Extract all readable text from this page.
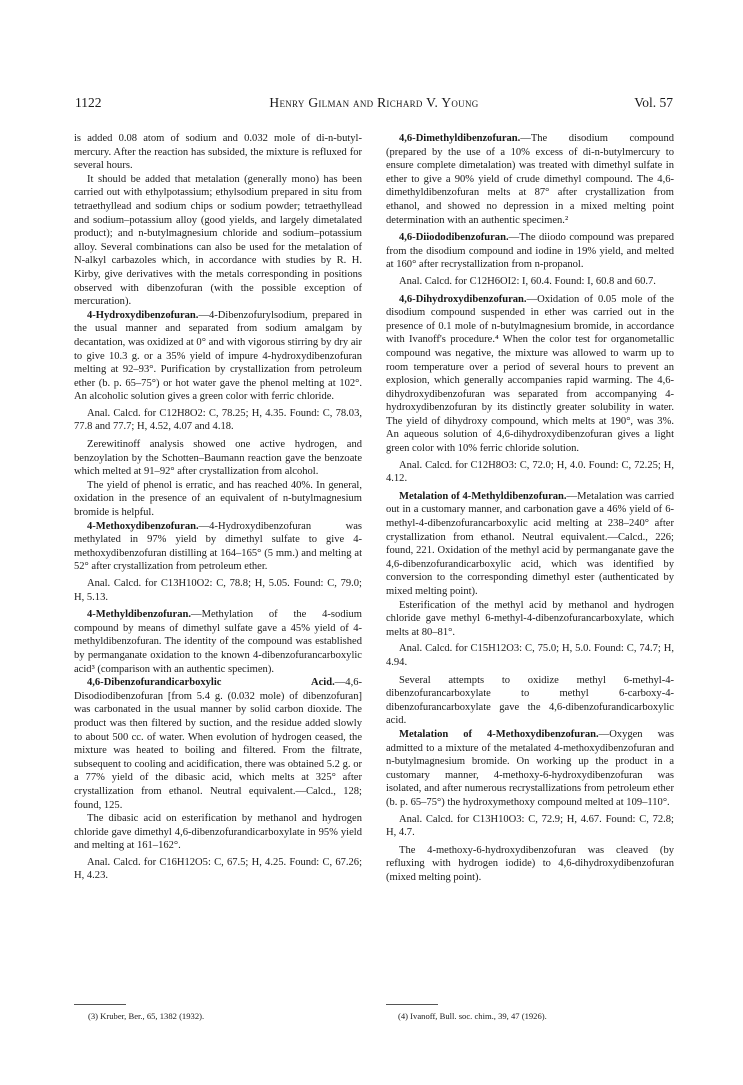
1122	Henry Gilman and Richard V. Young	Vol. 57

is added 0.08 atom of sodium and 0.032 mole of di-n-butyl-mercury. After the reaction has subsided, the mixture is refluxed for several hours.

It should be added that metalation (generally mono) has been carried out with ethylpotassium; ethylsodium prepared in situ from tetraethyllead and sodium chips or sodium powder; tetraethyllead and sodium–potassium alloy (good yields, and largely dimetalated product); and n-butylmagnesium chloride and sodium–potassium alloy. Several combinations can also be used for the metalation of N-alkyl carbazoles which, in accordance with studies by R. H. Kirby, give derivatives with the metals corresponding in positions observed with dibenzofuran (with the possible exception of mercuration).

4-Hydroxydibenzofuran.—4-Dibenzofurylsodium, prepared in the usual manner and separated from sodium amalgam by decantation, was oxidized at 0° and with vigorous stirring by dry air to give 10.3 g. or a 35% yield of impure 4-hydroxydibenzofuran melting at 92–93°. Purification by crystallization from petroleum ether (b. p. 65–75°) or hot water gave the phenol melting at 102°. An alcoholic solution gives a green color with ferric chloride.

Anal. Calcd. for C12H8O2: C, 78.25; H, 4.35. Found: C, 78.03, 77.8 and 77.7; H, 4.52, 4.07 and 4.18.

Zerewitinoff analysis showed one active hydrogen, and benzoylation by the Schotten–Baumann reaction gave the benzoate which melted at 91–92° after crystallization from alcohol.

The yield of phenol is erratic, and has reached 40%. In general, oxidation in the presence of an equivalent of n-butylmagnesium bromide is helpful.

4-Methoxydibenzofuran.—4-Hydroxydibenzofuran was methylated in 97% yield by dimethyl sulfate to give 4-methoxydibenzofuran distilling at 164–165° (5 mm.) and melting at 52° after crystallization from petroleum ether.

Anal. Calcd. for C13H10O2: C, 78.8; H, 5.05. Found: C, 79.0; H, 5.13.

4-Methyldibenzofuran.—Methylation of the 4-sodium compound by means of dimethyl sulfate gave a 45% yield of 4-methyldibenzofuran. The identity of the compound was established by permanganate oxidation to the known 4-dibenzofurancarboxylic acid³ (comparison with an authentic specimen).

4,6-Dibenzofurandicarboxylic Acid.—4,6-Disodiodibenzofuran [from 5.4 g. (0.032 mole) of dibenzofuran] was carbonated in the usual manner by solid carbon dioxide. The product was then filtered by suction, and the residue added slowly to about 500 cc. of water. When evolution of hydrogen ceased, the mixture was heated to boiling and filtered. From the filtrate, subsequent to cooling and acidification, there was obtained 5.2 g. or a 77% yield of the dibasic acid, which melts at 325° after crystallization from ethanol. Neutral equivalent.—Calcd., 128; found, 125.

The dibasic acid on esterification by methanol and hydrogen chloride gave dimethyl 4,6-dibenzofurandicarboxylate in 95% yield and melting at 161–162°.

Anal. Calcd. for C16H12O5: C, 67.5; H, 4.25. Found: C, 67.26; H, 4.23.

4,6-Dimethyldibenzofuran.—The disodium compound (prepared by the use of a 10% excess of di-n-butylmercury to ensure complete dimetalation) was treated with dimethyl sulfate in ether to give a 90% yield of crude dimethyl compound. The 4,6-dimethyldibenzofuran melts at 87° after crystallization from ethanol, and showed no depression in a mixed melting point determination with an authentic specimen.²

4,6-Diiododibenzofuran.—The diiodo compound was prepared from the disodium compound and iodine in 19% yield, and melted at 160° after recrystallization from n-propanol.

Anal. Calcd. for C12H6OI2: I, 60.4. Found: I, 60.8 and 60.7.

4,6-Dihydroxydibenzofuran.—Oxidation of 0.05 mole of the disodium compound suspended in ether was carried out in the presence of 0.1 mole of n-butylmagnesium bromide, in accordance with Ivanoff's procedure.⁴ When the color test for organometallic compound was negative, the mixture was allowed to warm up to room temperature over a period of several hours to prevent an explosion, which generally accompanies rapid warming. The 4,6-dihydroxydibenzofuran was separated from accompanying 4-hydroxydibenzofuran by its distinctly greater solubility in water. The yield of dihydroxy compound, which melts at 190°, was 3%. An aqueous solution of 4,6-dihydroxydibenzofuran gives a light green color with 10% ferric chloride solution.

Anal. Calcd. for C12H8O3: C, 72.0; H, 4.0. Found: C, 72.25; H, 4.12.

Metalation of 4-Methyldibenzofuran.—Metalation was carried out in a customary manner, and carbonation gave a 46% yield of 6-methyl-4-dibenzofurancarboxylic acid melting at 238–240° after crystallization from ethanol. Neutral equivalent.—Calcd., 226; found, 221. Oxidation of the methyl acid by permanganate gave the 4,6-dibenzofurandicarboxylic acid, which was identified by conversion to the corresponding dimethyl ester (authenticated by mixed melting point).

Esterification of the methyl acid by methanol and hydrogen chloride gave methyl 6-methyl-4-dibenzofurancarboxylate, which melts at 80–81°.

Anal. Calcd. for C15H12O3: C, 75.0; H, 5.0. Found: C, 74.7; H, 4.94.

Several attempts to oxidize methyl 6-methyl-4-dibenzofurancarboxylate to methyl 6-carboxy-4-dibenzofurancarboxylate gave the 4,6-dibenzofurandicarboxylic acid.

Metalation of 4-Methoxydibenzofuran.—Oxygen was admitted to a mixture of the metalated 4-methoxydibenzofuran and n-butylmagnesium bromide. On working up the product in a customary manner, 4-methoxy-6-hydroxydibenzofuran was isolated, and after numerous recrystallizations from petroleum ether (b. p. 65–75°) the hydroxymethoxy compound melted at 109–110°.

Anal. Calcd. for C13H10O3: C, 72.9; H, 4.67. Found: C, 72.8; H, 4.7.

The 4-methoxy-6-hydroxydibenzofuran was cleaved (by refluxing with hydrogen iodide) to 4,6-dihydroxydibenzofuran (mixed melting point).

(3) Kruber, Ber., 65, 1382 (1932).	(4) Ivanoff, Bull. soc. chim., 39, 47 (1926).
